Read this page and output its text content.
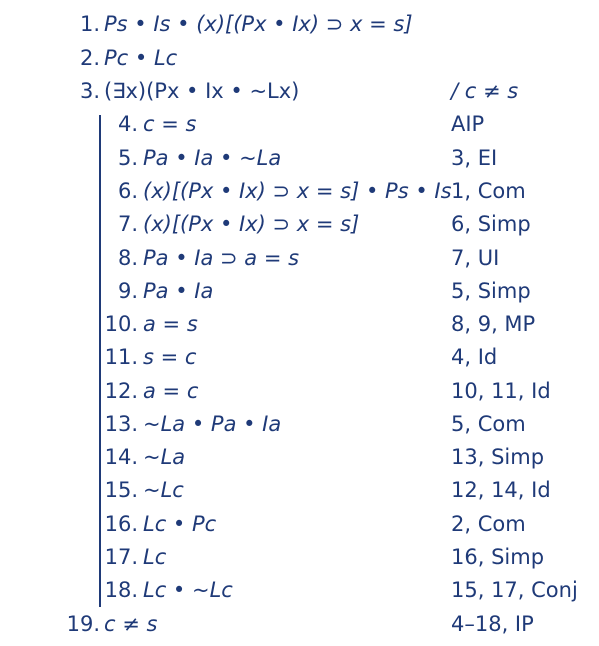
1. Ps • Is • (x)[(Px • Ix) ⊃ x = s]
2. Pc • Lc
3. (∃x)(Px • Ix • ~Lx)	/ c ≠ s
4. c = s	AIP
5. Pa • Ia • ~La	3, EI
6. (x)[(Px • Ix) ⊃ x = s] • Ps • Is 1, Com
7. (x)[(Px • Ix) ⊃ x = s]	6, Simp
8. Pa • Ia ⊃ a = s	7, UI
9. Pa • Ia	5, Simp
10. a = s	8, 9, MP
11. s = c	4, Id
12. a = c	10, 11, Id
13. ~La • Pa • Ia	5, Com
14. ~La	13, Simp
15. ~Lc	12, 14, Id
16. Lc • Pc	2, Com
17. Lc	16, Simp
18. Lc • ~Lc	15, 17, Conj
19. c ≠ s	4–18, IP
